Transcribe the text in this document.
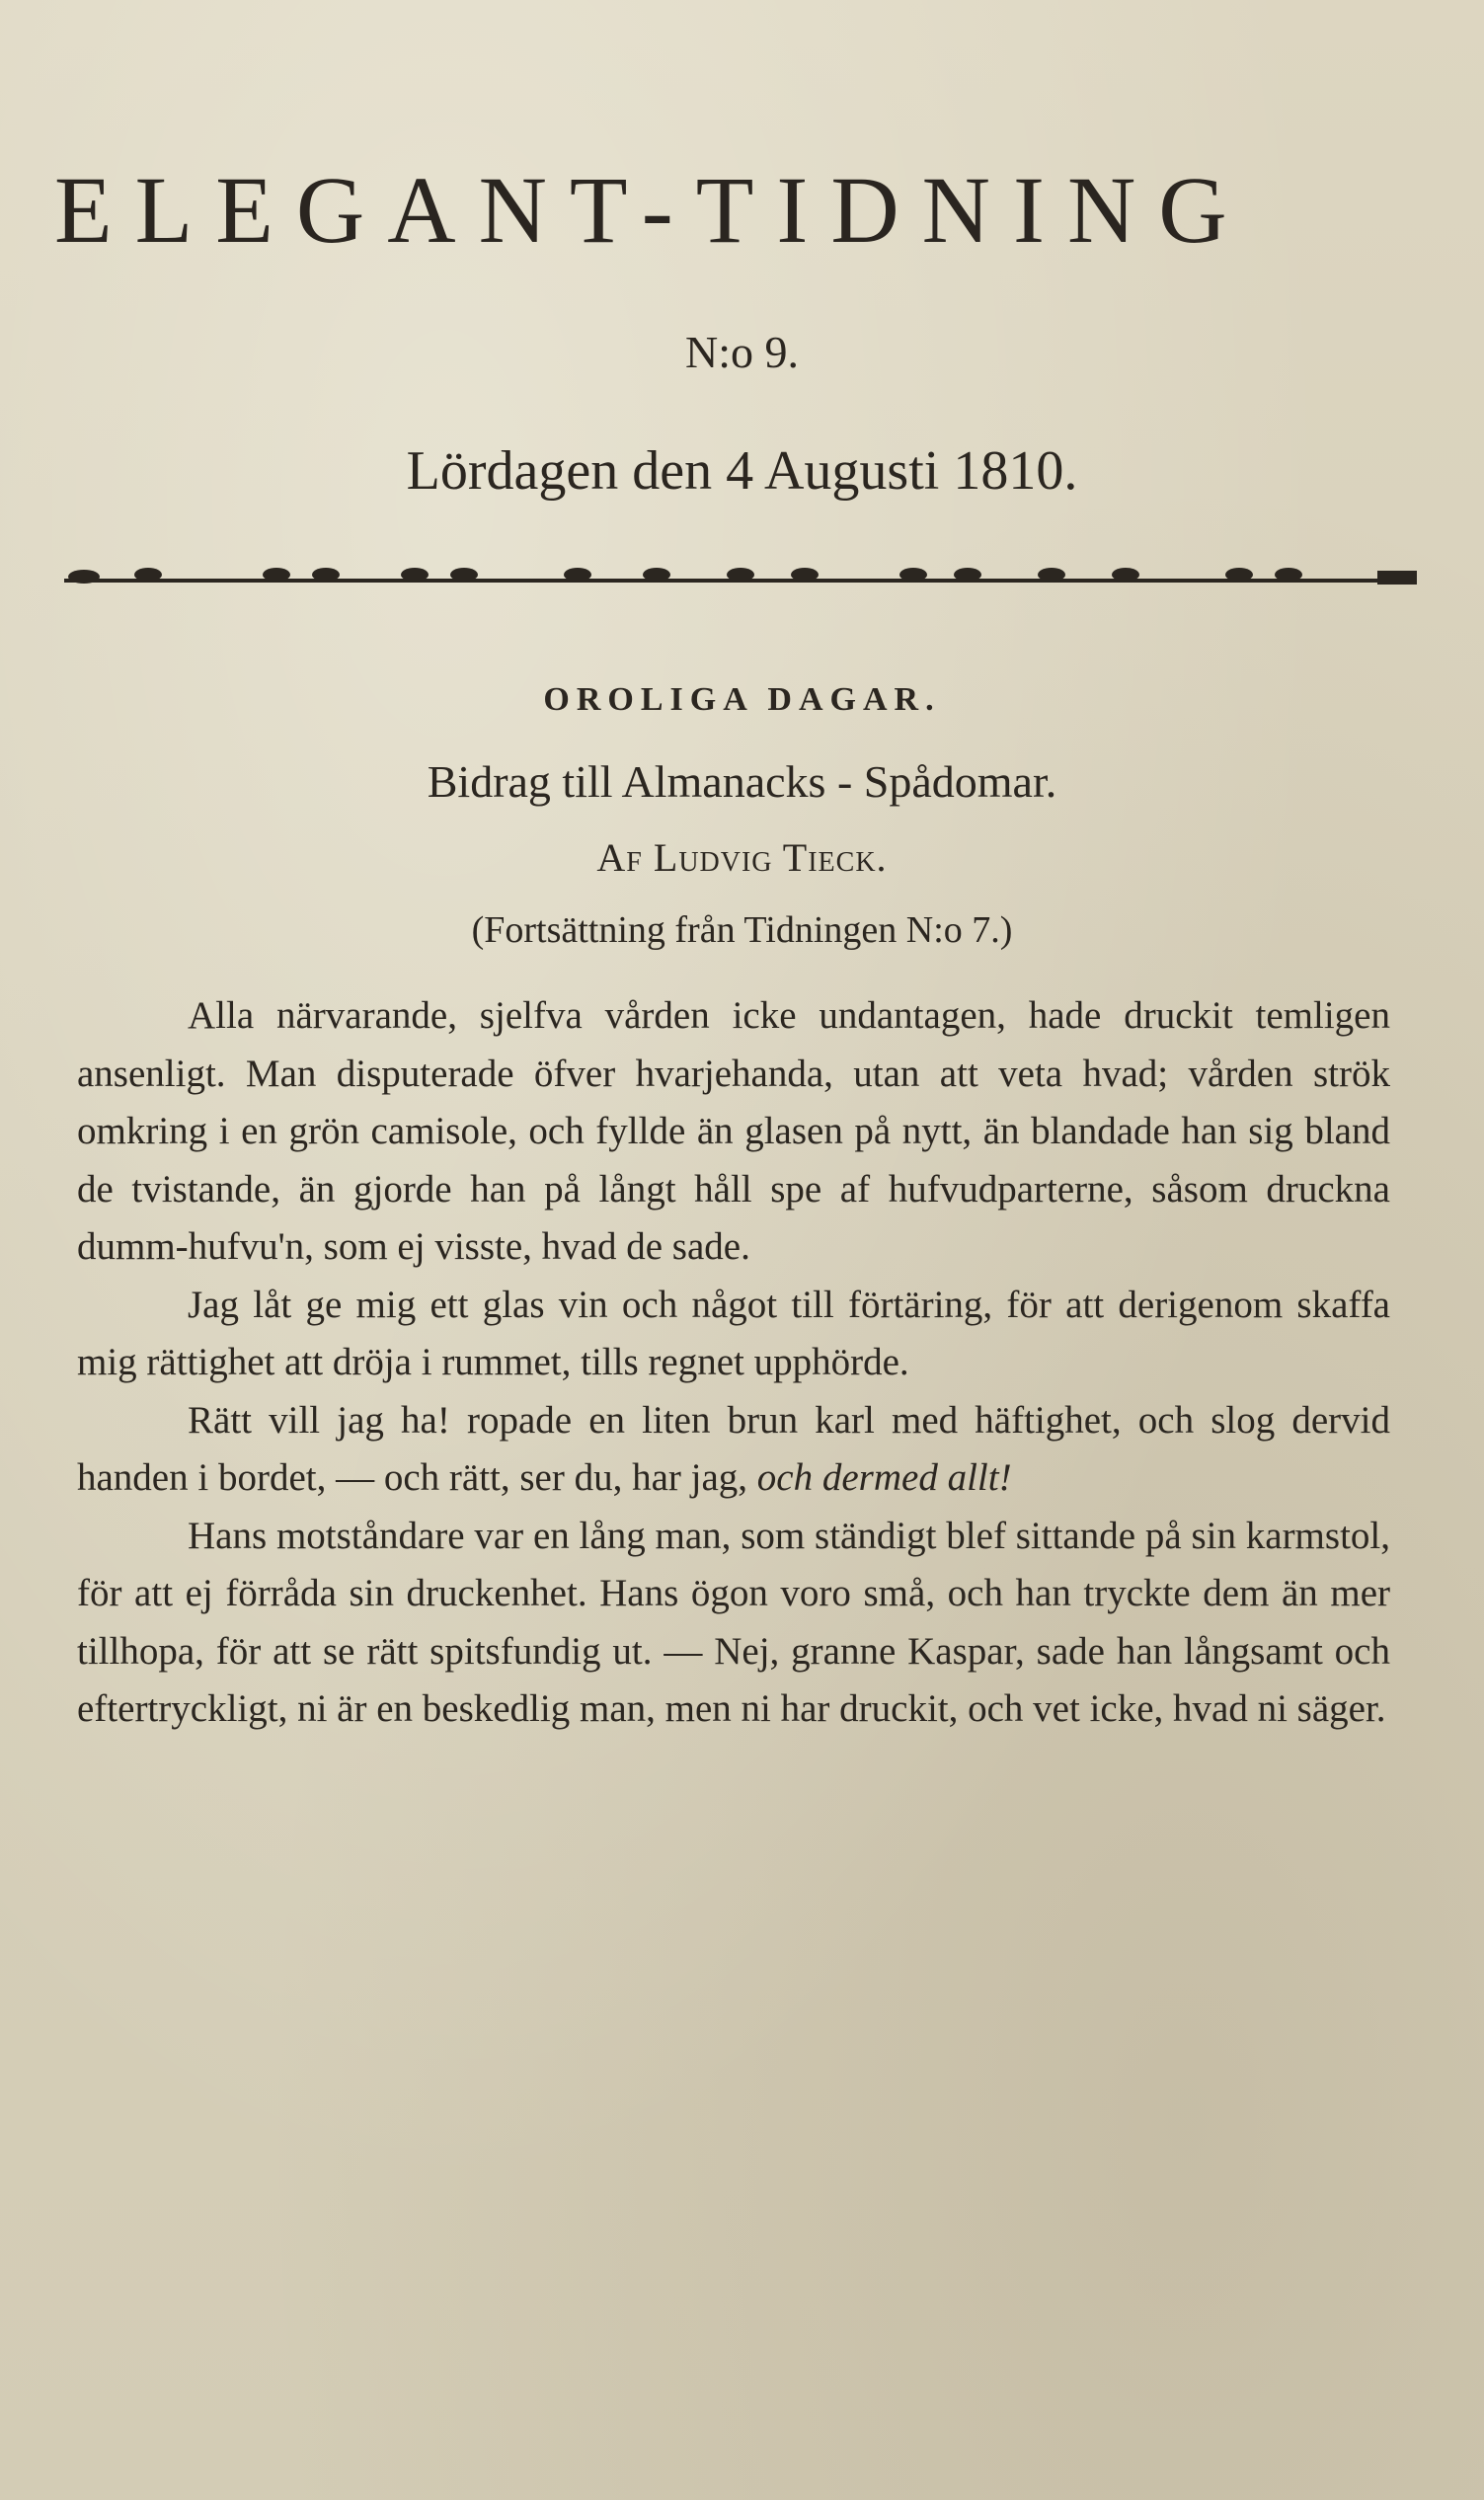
ELEGANT-TIDNING
N:o 9.
Lördagen den 4 Augusti 1810.
OROLIGA DAGAR.
Bidrag till Almanacks - Spådomar.
Af Ludvig Tieck.
(Fortsättning från Tidningen N:o 7.)

Alla närvarande, sjelfva vården icke undantagen, hade druckit temligen ansenligt. Man disputerade öfver hvarjehanda, utan att veta hvad; vården strök omkring i en grön camisole, och fyllde än glasen på nytt, än blandade han sig bland de tvistande, än gjorde han på långt håll spe af hufvudparterne, såsom druckna dumm-hufvu'n, som ej visste, hvad de sade.

Jag låt ge mig ett glas vin och något till förtäring, för att derigenom skaffa mig rättighet att dröja i rummet, tills regnet upphörde.

Rätt vill jag ha! ropade en liten brun karl med häftighet, och slog dervid handen i bordet, — och rätt, ser du, har jag, och dermed allt!

Hans motståndare var en lång man, som ständigt blef sittande på sin karmstol, för att ej förråda sin druckenhet. Hans ögon voro små, och han tryckte dem än mer tillhopa, för att se rätt spitsfundig ut. — Nej, granne Kaspar, sade han långsamt och eftertryckligt, ni är en beskedlig man, men ni har druckit, och vet icke, hvad ni säger.
